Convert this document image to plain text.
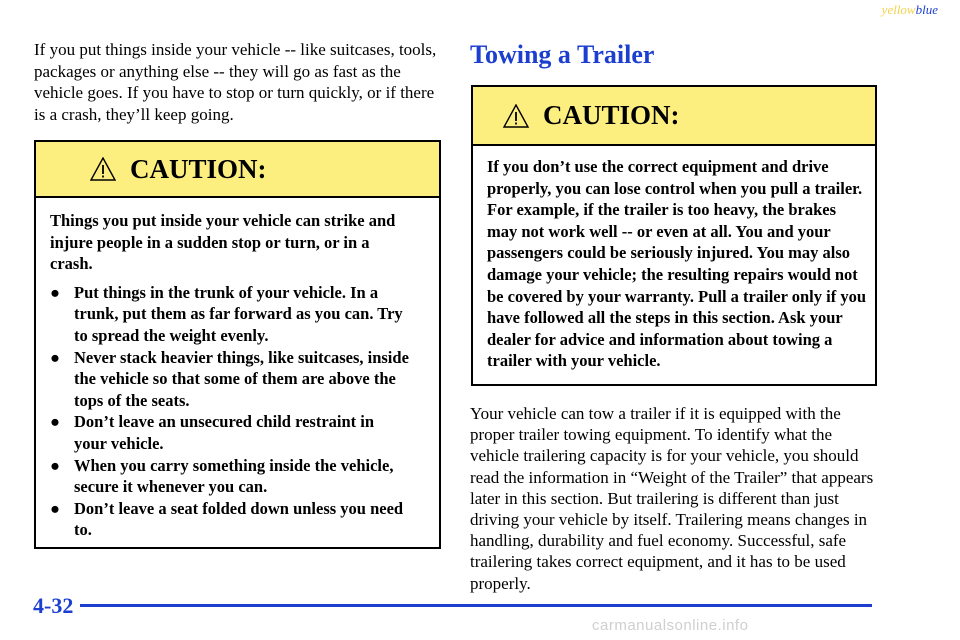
yellowblue

If you put things inside your vehicle -- like suitcases, tools, packages or anything else -- they will go as fast as the vehicle goes. If you have to stop or turn quickly, or if there is a crash, they’ll keep going.

CAUTION:

Things you put inside your vehicle can strike and injure people in a sudden stop or turn, or in a crash.

● Put things in the trunk of your vehicle. In a trunk, put them as far forward as you can. Try to spread the weight evenly.
● Never stack heavier things, like suitcases, inside the vehicle so that some of them are above the tops of the seats.
● Don’t leave an unsecured child restraint in your vehicle.
● When you carry something inside the vehicle, secure it whenever you can.
● Don’t leave a seat folded down unless you need to.
Towing a Trailer
CAUTION:

If you don’t use the correct equipment and drive properly, you can lose control when you pull a trailer. For example, if the trailer is too heavy, the brakes may not work well -- or even at all. You and your passengers could be seriously injured. You may also damage your vehicle; the resulting repairs would not be covered by your warranty. Pull a trailer only if you have followed all the steps in this section. Ask your dealer for advice and information about towing a trailer with your vehicle.

Your vehicle can tow a trailer if it is equipped with the proper trailer towing equipment. To identify what the vehicle trailering capacity is for your vehicle, you should read the information in “Weight of the Trailer” that appears later in this section. But trailering is different than just driving your vehicle by itself. Trailering means changes in handling, durability and fuel economy. Successful, safe trailering takes correct equipment, and it has to be used properly.

4-32
carmanualsonline.info
